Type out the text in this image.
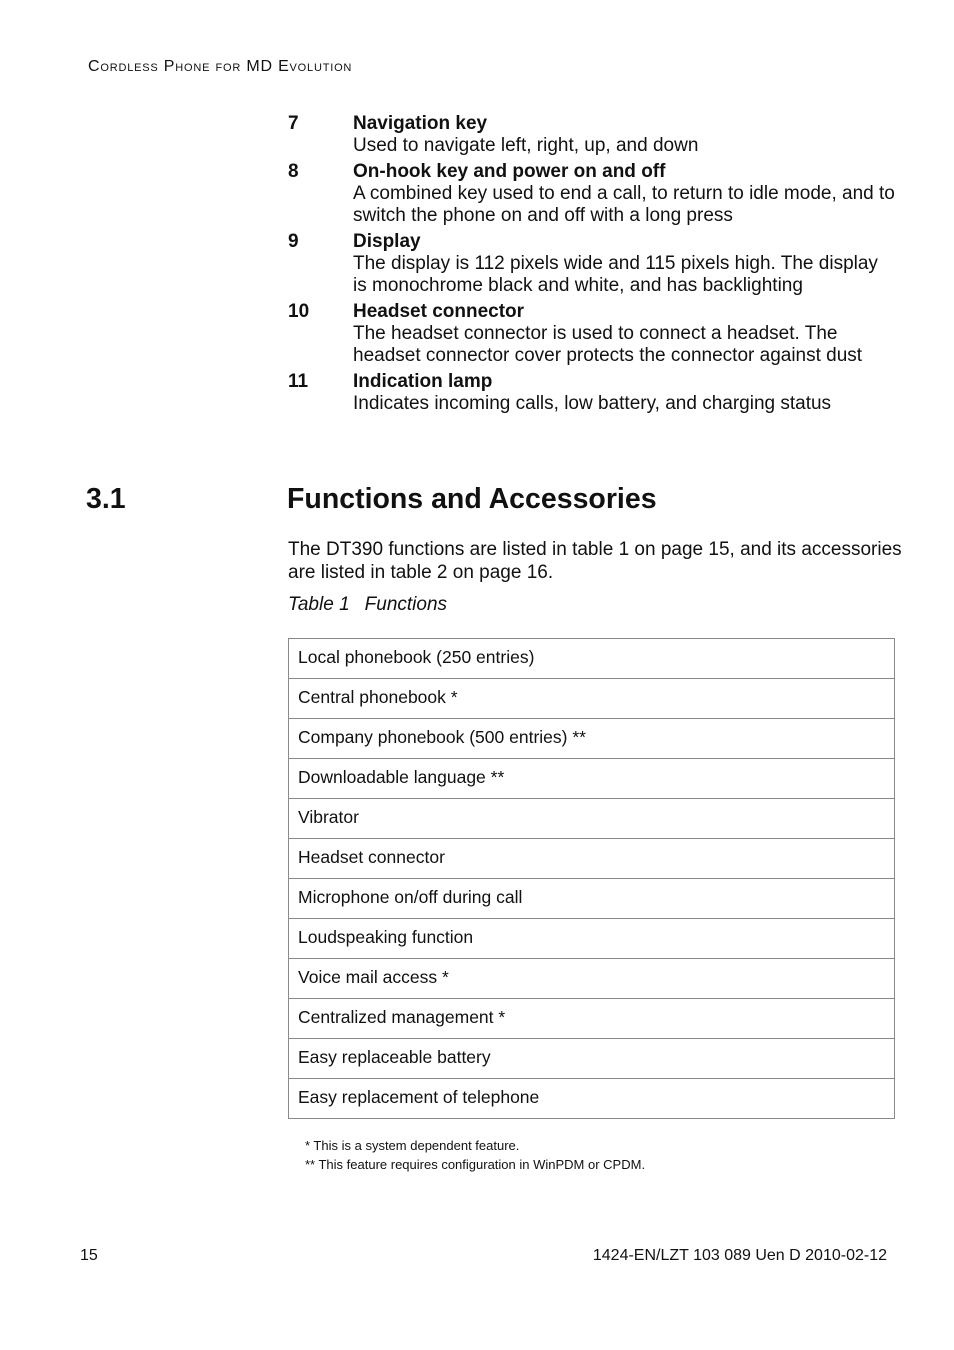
Cordless Phone for MD Evolution
7	Navigation key
Used to navigate left, right, up, and down
8	On-hook key and power on and off
A combined key used to end a call, to return to idle mode, and to
switch the phone on and off with a long press
9	Display
The display is 112 pixels wide and 115 pixels high. The display
is monochrome black and white, and has backlighting
10	Headset connector
The headset connector is used to connect a headset. The
headset connector cover protects the connector against dust
11	Indication lamp
Indicates incoming calls, low battery, and charging status
3.1	Functions and Accessories
The DT390 functions are listed in table 1 on page 15, and its accessories
are listed in table 2 on page 16.
Table 1 Functions
Local phonebook (250 entries)
Central phonebook *
Company phonebook (500 entries) **
Downloadable language **
Vibrator
Headset connector
Microphone on/off during call
Loudspeaking function
Voice mail access *
Centralized management *
Easy replaceable battery
Easy replacement of telephone
* This is a system dependent feature.
** This feature requires configuration in WinPDM or CPDM.
15	1424-EN/LZT 103 089 Uen D 2010-02-12
